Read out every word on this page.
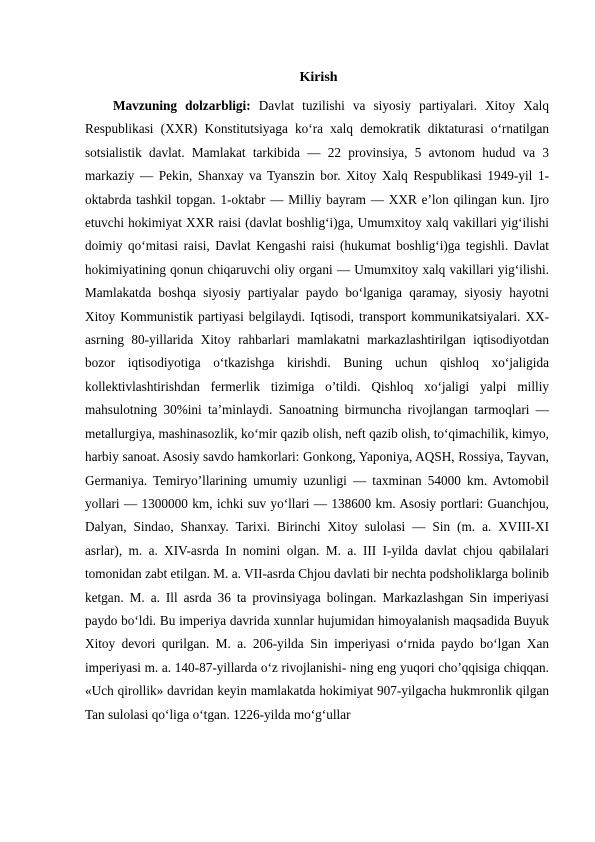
Kirish

Mavzuning dolzarbligi: Davlat tuzilishi va siyosiy partiyalari. Xitoy Xalq Respublikasi (XXR) Konstitutsiyaga ko‘ra xalq demokratik diktaturasi o‘rnatilgan sotsialistik davlat. Mamlakat tarkibida — 22 provinsiya, 5 avtonom hudud va 3 markaziy — Pekin, Shanxay va Tyanszin bor. Xitoy Xalq Respublikasi 1949-yil 1-oktabrda tashkil topgan. 1-oktabr — Milliy bayram — XXR e’lon qilingan kun. Ijro etuvchi hokimiyat XXR raisi (davlat boshlig‘i)ga, Umumxitoy xalq vakillari yig‘ilishi doimiy qo‘mitasi raisi, Davlat Kengashi raisi (hukumat boshlig‘i)ga tegishli. Davlat hokimiyatining qonun chiqaruvchi oliy organi — Umumxitoy xalq vakillari yig‘ilishi. Mamlakatda boshqa siyosiy partiyalar paydo bo‘lganiga qaramay, siyosiy hayotni Xitoy Kommunistik partiyasi belgilaydi. Iqtisodi, transport kommunikatsiyalari. XX-asrning 80-yillarida Xitoy rahbarlari mamlakatni markazlashtirilgan iqtisodiyotdan bozor iqtisodiyotiga o‘tkazishga kirishdi. Buning uchun qishloq xo‘jaligida kollektivlashtirishdan fermerlik tizimiga o’tildi. Qishloq xo‘jaligi yalpi milliy mahsulotning 30%ini ta’minlaydi. Sanoatning birmuncha rivojlangan tarmoqlari — metallurgiya, mashinasozlik, ko‘mir qazib olish, neft qazib olish, to‘qimachilik, kimyo, harbiy sanoat. Asosiy savdo hamkorlari: Gonkong, Yaponiya, AQSH, Rossiya, Tayvan, Germaniya. Temiryo’llarining umumiy uzunligi — taxminan 54000 km. Avtomobil yollari — 1300000 km, ichki suv yo‘llari — 138600 km. Asosiy portlari: Guanchjou, Dalyan, Sindao, Shanxay. Tarixi. Birinchi Xitoy sulolasi — Sin (m. a. XVIII-XI asrlar), m. a. XIV-asrda In nomini olgan. M. a. III I-yilda davlat chjou qabilalari tomonidan zabt etilgan. M. a. VII-asrda Chjou davlati bir nechta podsholiklarga bolinib ketgan. M. a. Ill asrda 36 ta provinsiyaga bolingan. Markazlashgan Sin imperiyasi paydo bo‘ldi. Bu imperiya davrida xunnlar hujumidan himoyalanish maqsadida Buyuk Xitoy devori qurilgan. M. a. 206-yilda Sin imperiyasi o‘rnida paydo bo‘lgan Xan imperiyasi m. a. 140-87-yillarda o‘z rivojlanishi- ning eng yuqori cho’qqisiga chiqqan. «Uch qirollik» davridan keyin mamlakatda hokimiyat 907-yilgacha hukmronlik qilgan Tan sulolasi qo‘liga o‘tgan. 1226-yilda mo‘g‘ullar
